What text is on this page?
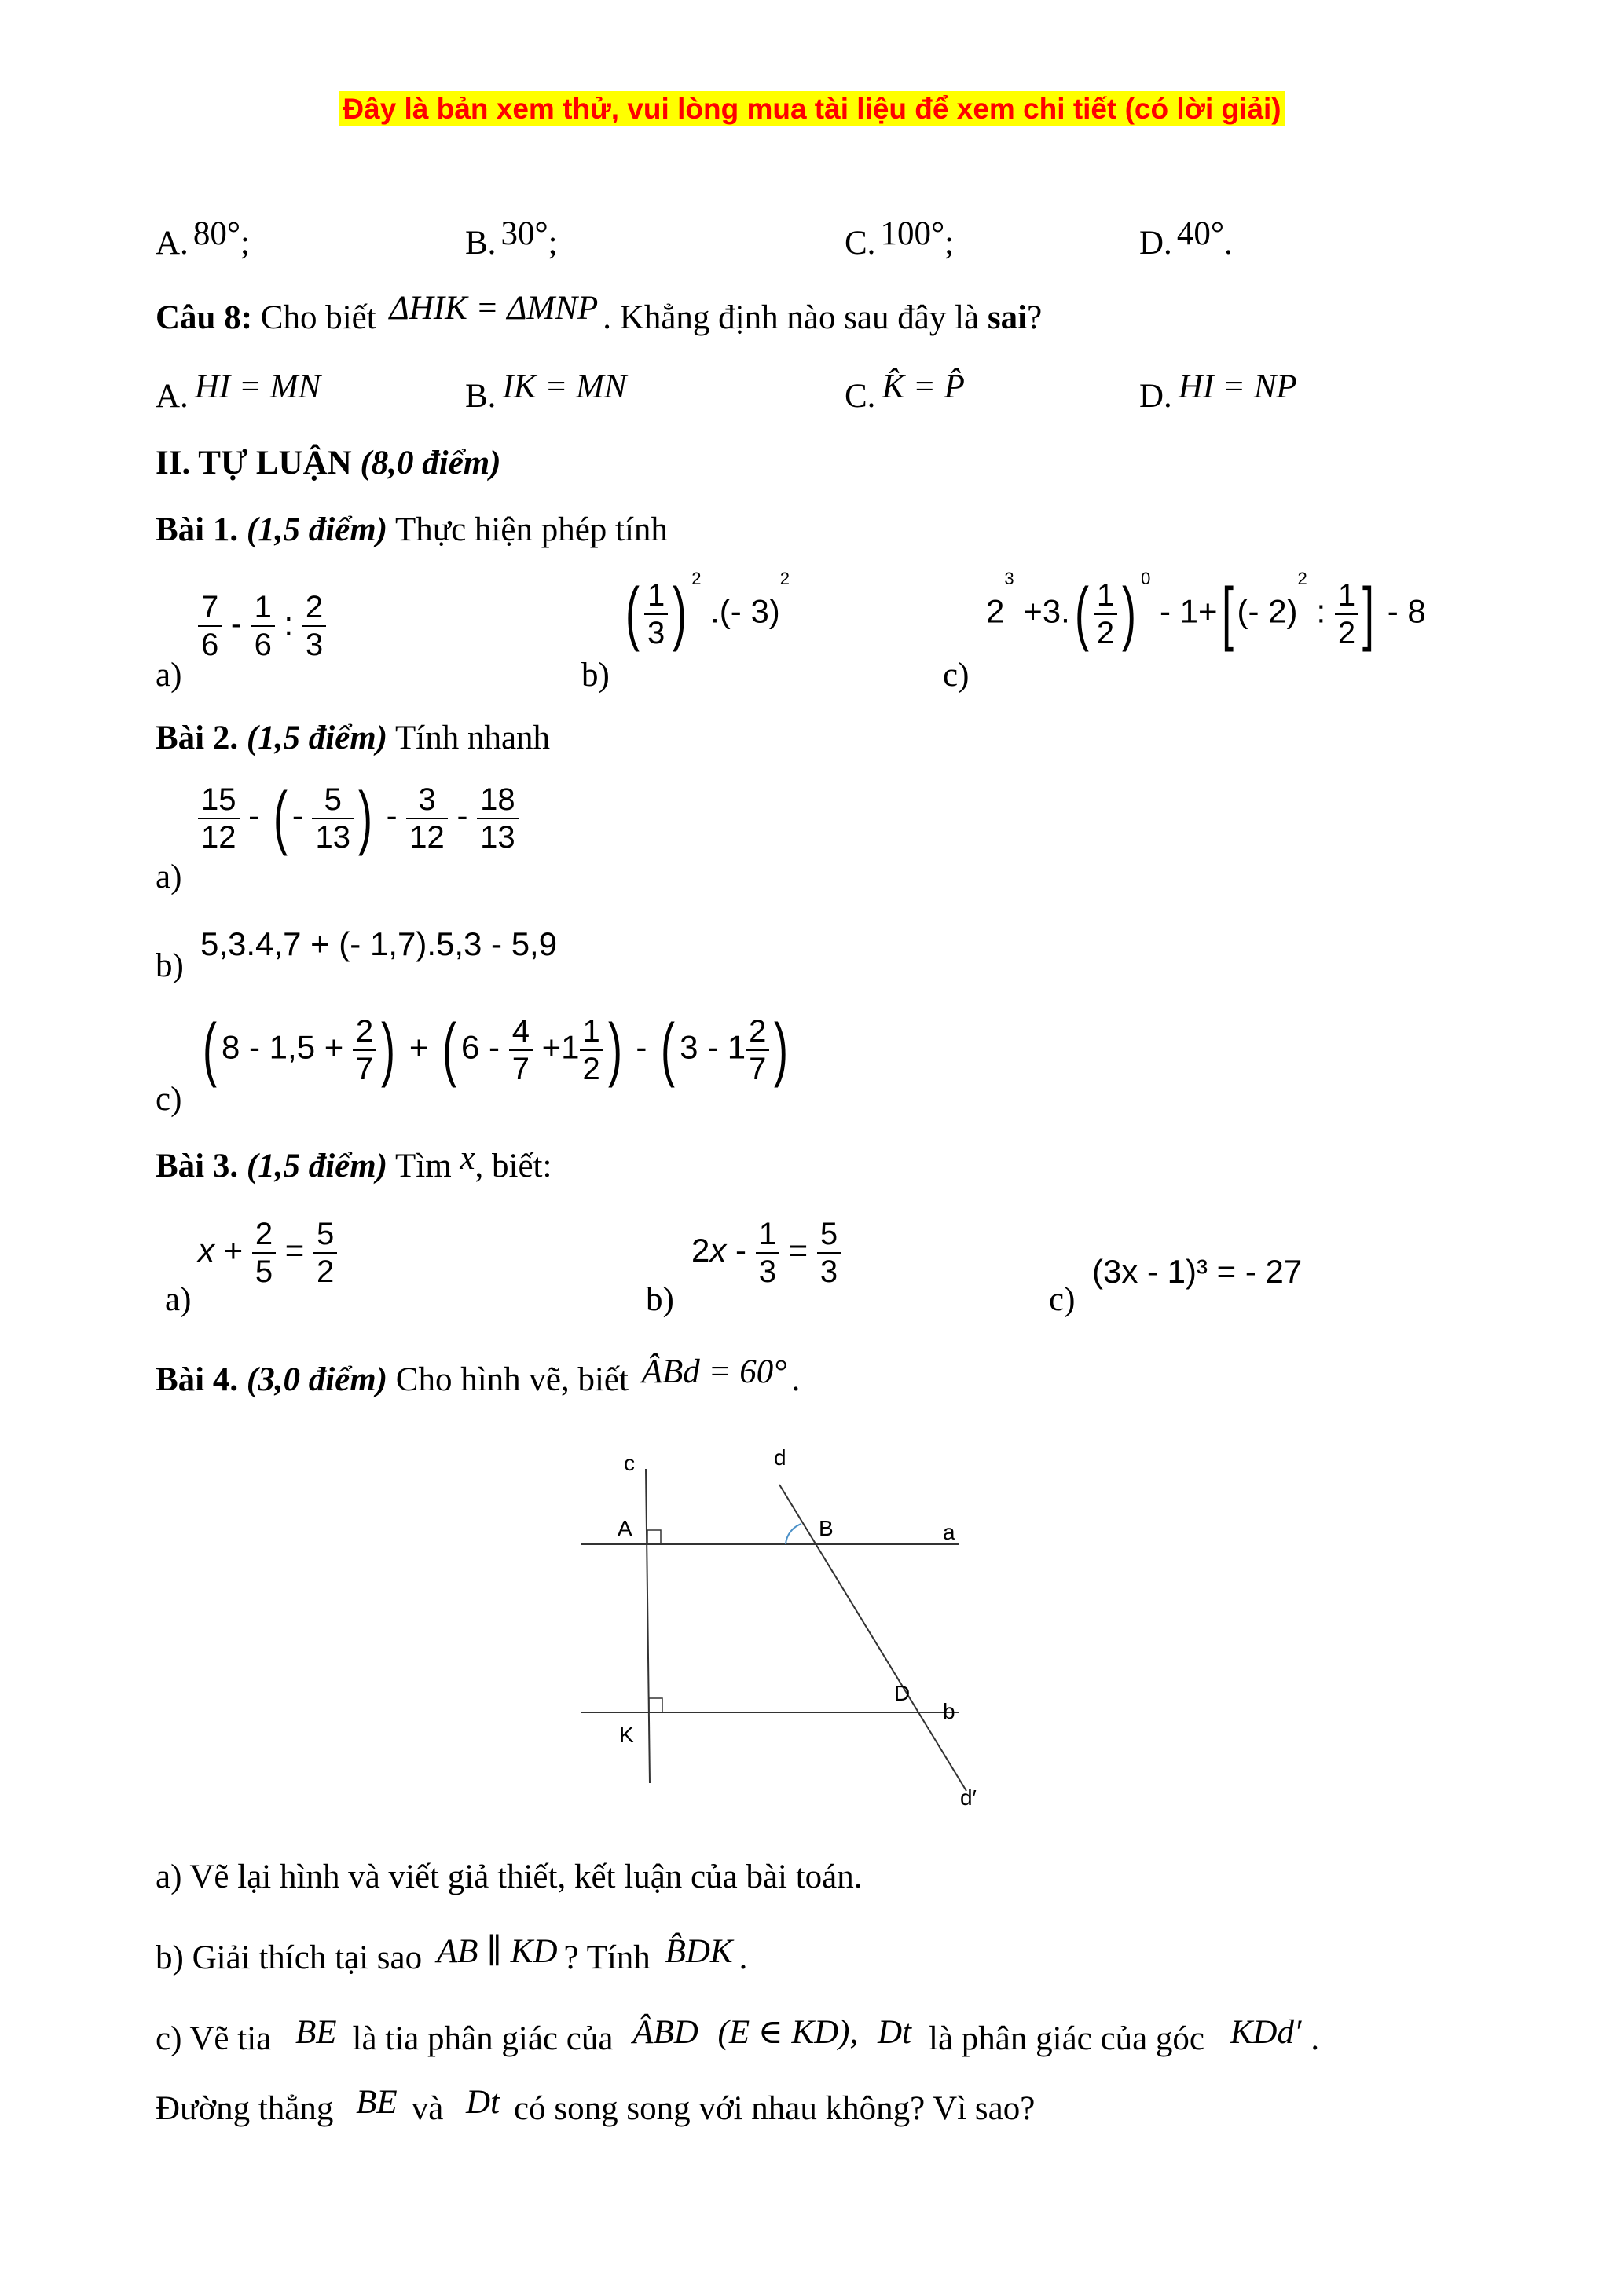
Đây là bản xem thử, vui lòng mua tài liệu để xem chi tiết (có lời giải)
A. 80°;	B. 30°;	C. 100°;	D. 40°.
Câu 8: Cho biết ΔHIK = ΔMNP . Khẳng định nào sau đây là sai?
A. HI = MN	B. IK = MN	C. K̂ = P̂	D. HI = NP
II. TỰ LUẬN (8,0 điểm)
Bài 1. (1,5 điểm) Thực hiện phép tính
a)
$\frac{7}{6} - \frac{1}{6}$ : $\frac{2}{3}$
b)
( $\frac{1}{3}$ ) $^2$ .(- 3)$^2$
c)
$2^3 +3.( \frac{1}{2}$ ) $^0$ - 1+[ (- 2)$^2$ : $\frac{1}{2}$ ] - 8
Bài 2. (1,5 điểm) Tính nhanh
a)
$\frac{15}{12}$ - ( - $\frac{5}{13}$ ) - $\frac{3}{12} - \frac{18}{13}$
b)
5,3.4,7 + (- 1,7).5,3 - 5,9
c)
( $8 - 1,5 + \frac{2}{7}$ ) + ( $6 - \frac{4}{7} +1 \frac{1}{2}$ ) - ( $3 - 1 \frac{2}{7}$ )
Bài 3. (1,5 điểm) Tìm x, biết:
a)
$x + \frac{2}{5} = \frac{5}{2}$
b)
$2x - \frac{1}{3} = \frac{5}{3}$
c)
(3x - 1)³ = - 27
Bài 4. (3,0 điểm) Cho hình vẽ, biết ÂBd = 60° .
c	d
A	B	a
D
b
K
d′
a) Vẽ lại hình và viết giả thiết, kết luận của bài toán.
b) Giải thích tại sao AB ∥ KD ? Tính B̂DK .
c) Vẽ tia BE là tia phân giác của ÂBD (E ∈ KD), Dt là phân giác của góc KDd′ .
Đường thẳng BE và Dt có song song với nhau không? Vì sao?
